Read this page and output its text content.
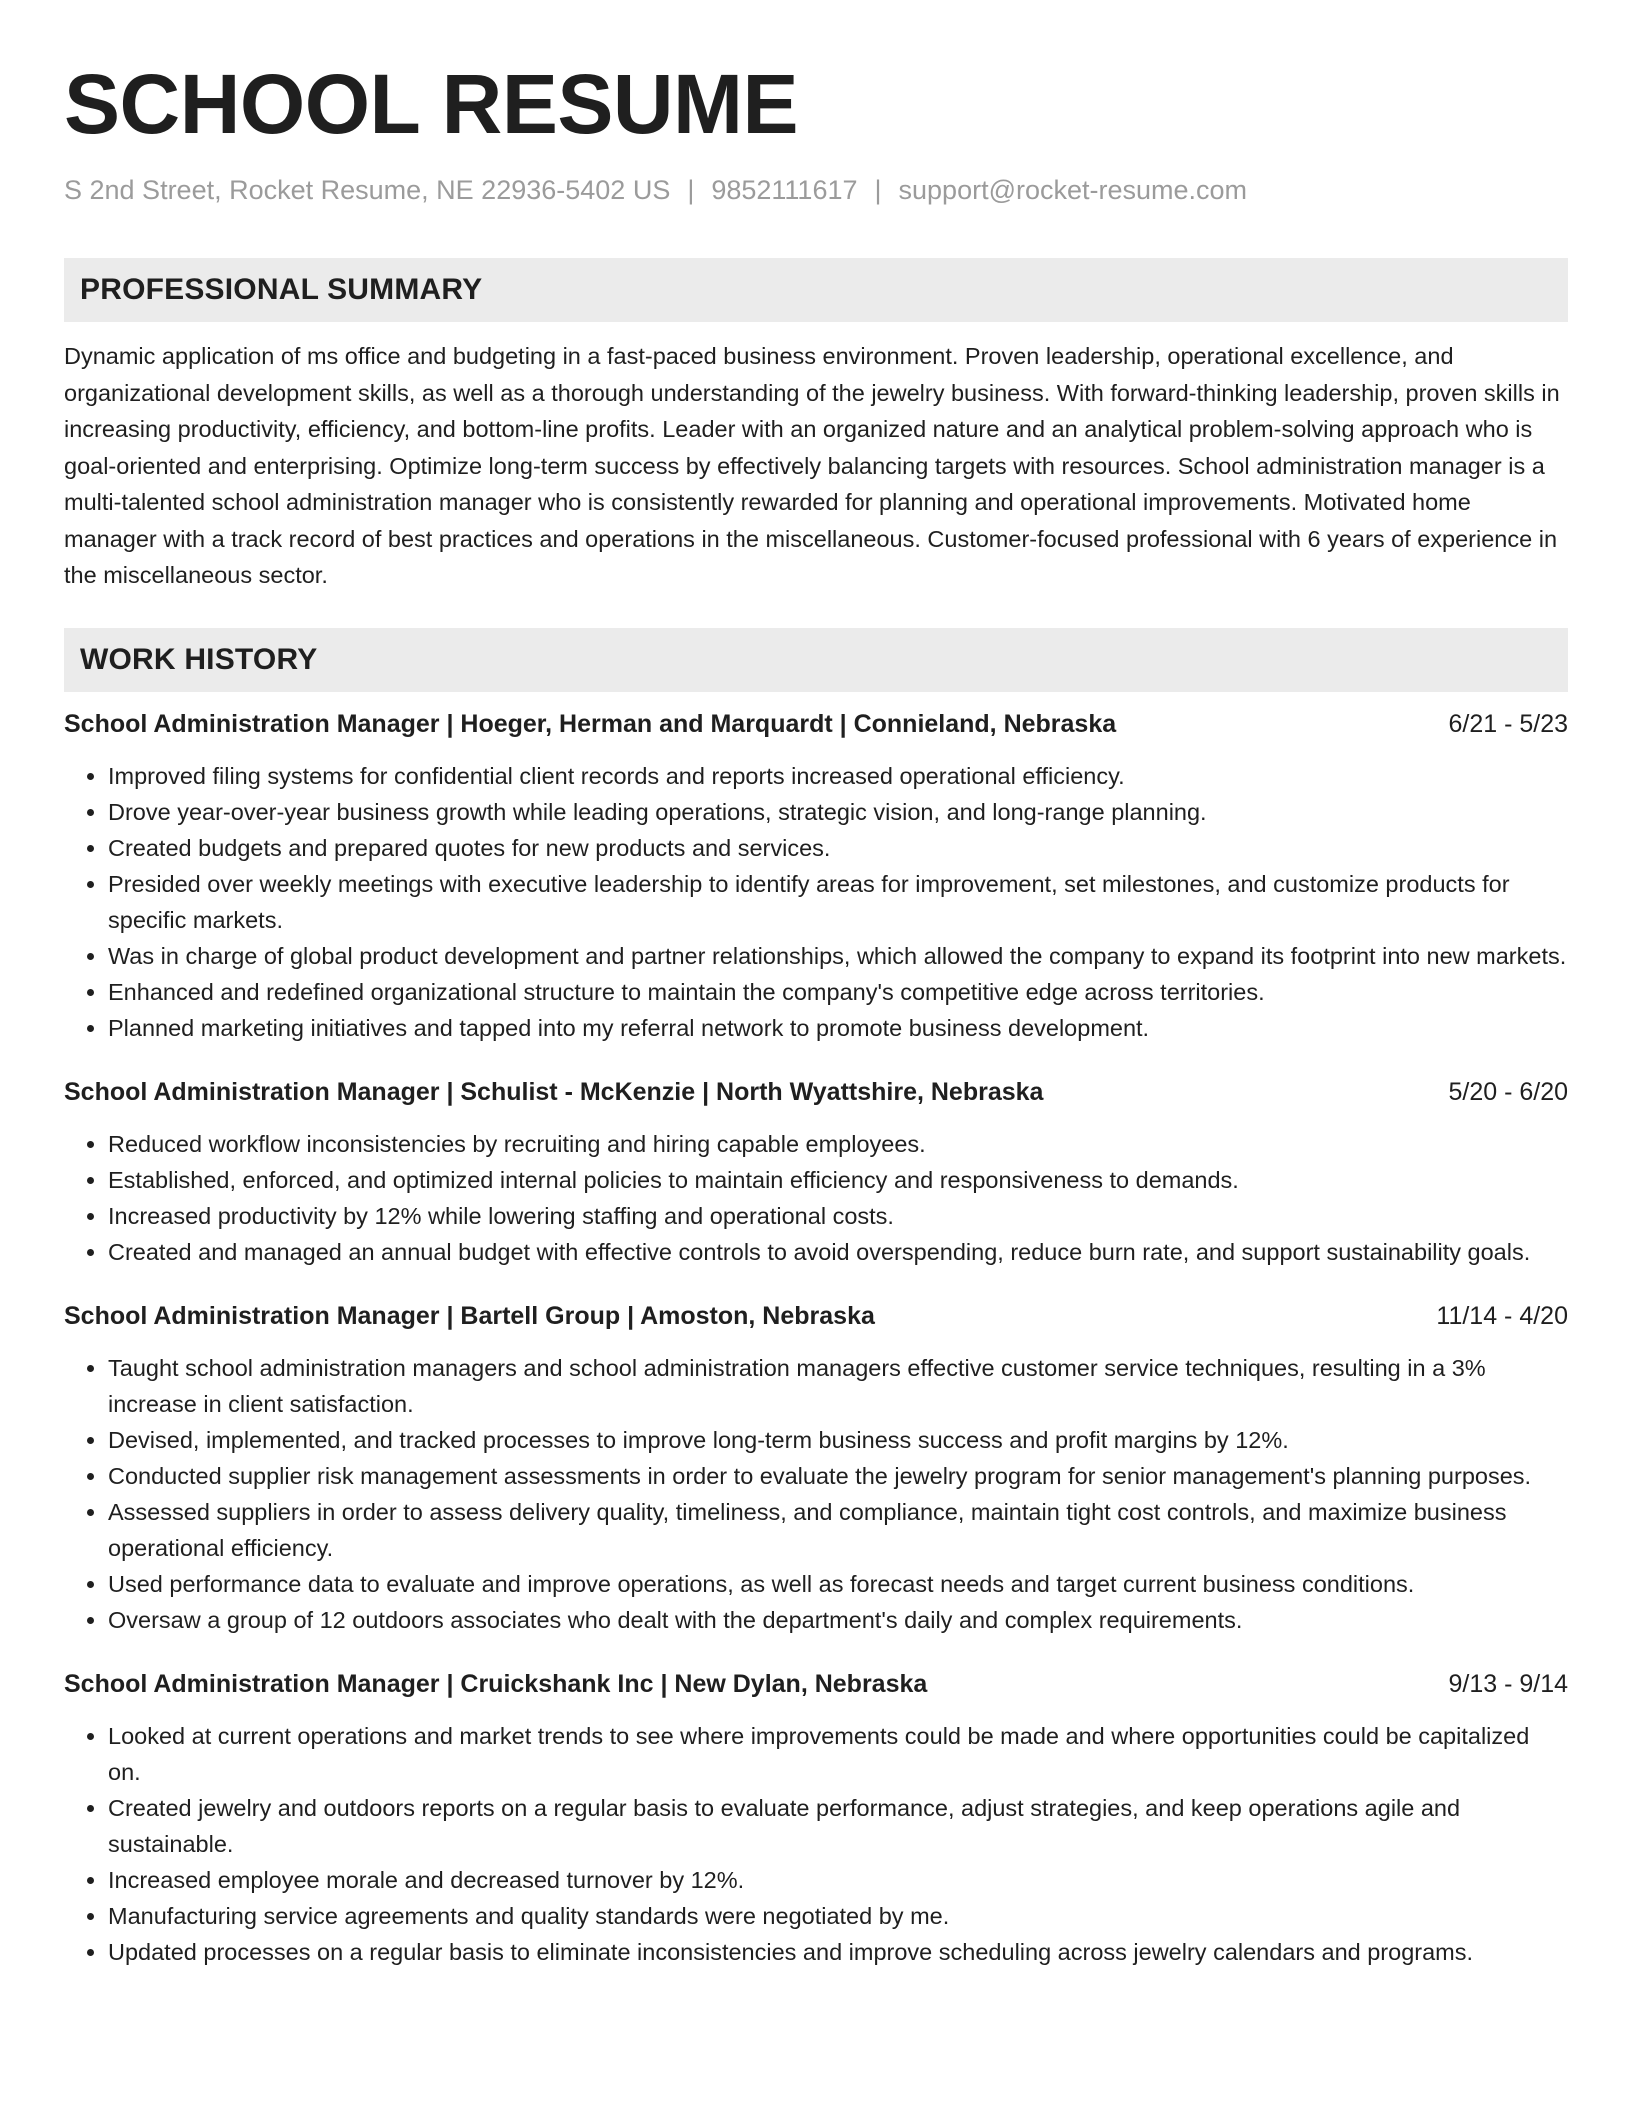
SCHOOL RESUME
S 2nd Street, Rocket Resume, NE 22936-5402 US | 9852111617 | support@rocket-resume.com
PROFESSIONAL SUMMARY

Dynamic application of ms office and budgeting in a fast-paced business environment. Proven leadership, operational excellence, and organizational development skills, as well as a thorough understanding of the jewelry business. With forward-thinking leadership, proven skills in increasing productivity, efficiency, and bottom-line profits. Leader with an organized nature and an analytical problem-solving approach who is goal-oriented and enterprising. Optimize long-term success by effectively balancing targets with resources. School administration manager is a multi-talented school administration manager who is consistently rewarded for planning and operational improvements. Motivated home manager with a track record of best practices and operations in the miscellaneous. Customer-focused professional with 6 years of experience in the miscellaneous sector.

WORK HISTORY
School Administration Manager | Hoeger, Herman and Marquardt | Connieland, Nebraska	6/21 - 5/23
• Improved filing systems for confidential client records and reports increased operational efficiency.
• Drove year-over-year business growth while leading operations, strategic vision, and long-range planning.
• Created budgets and prepared quotes for new products and services.
• Presided over weekly meetings with executive leadership to identify areas for improvement, set milestones, and customize products for specific markets.
• Was in charge of global product development and partner relationships, which allowed the company to expand its footprint into new markets.
• Enhanced and redefined organizational structure to maintain the company's competitive edge across territories.
• Planned marketing initiatives and tapped into my referral network to promote business development.
School Administration Manager | Schulist - McKenzie | North Wyattshire, Nebraska	5/20 - 6/20
• Reduced workflow inconsistencies by recruiting and hiring capable employees.
• Established, enforced, and optimized internal policies to maintain efficiency and responsiveness to demands.
• Increased productivity by 12% while lowering staffing and operational costs.
• Created and managed an annual budget with effective controls to avoid overspending, reduce burn rate, and support sustainability goals.
School Administration Manager | Bartell Group | Amoston, Nebraska	11/14 - 4/20
• Taught school administration managers and school administration managers effective customer service techniques, resulting in a 3% increase in client satisfaction.
• Devised, implemented, and tracked processes to improve long-term business success and profit margins by 12%.
• Conducted supplier risk management assessments in order to evaluate the jewelry program for senior management's planning purposes.
• Assessed suppliers in order to assess delivery quality, timeliness, and compliance, maintain tight cost controls, and maximize business operational efficiency.
• Used performance data to evaluate and improve operations, as well as forecast needs and target current business conditions.
• Oversaw a group of 12 outdoors associates who dealt with the department's daily and complex requirements.
School Administration Manager | Cruickshank Inc | New Dylan, Nebraska	9/13 - 9/14
• Looked at current operations and market trends to see where improvements could be made and where opportunities could be capitalized on.
• Created jewelry and outdoors reports on a regular basis to evaluate performance, adjust strategies, and keep operations agile and sustainable.
• Increased employee morale and decreased turnover by 12%.
• Manufacturing service agreements and quality standards were negotiated by me.
• Updated processes on a regular basis to eliminate inconsistencies and improve scheduling across jewelry calendars and programs.
